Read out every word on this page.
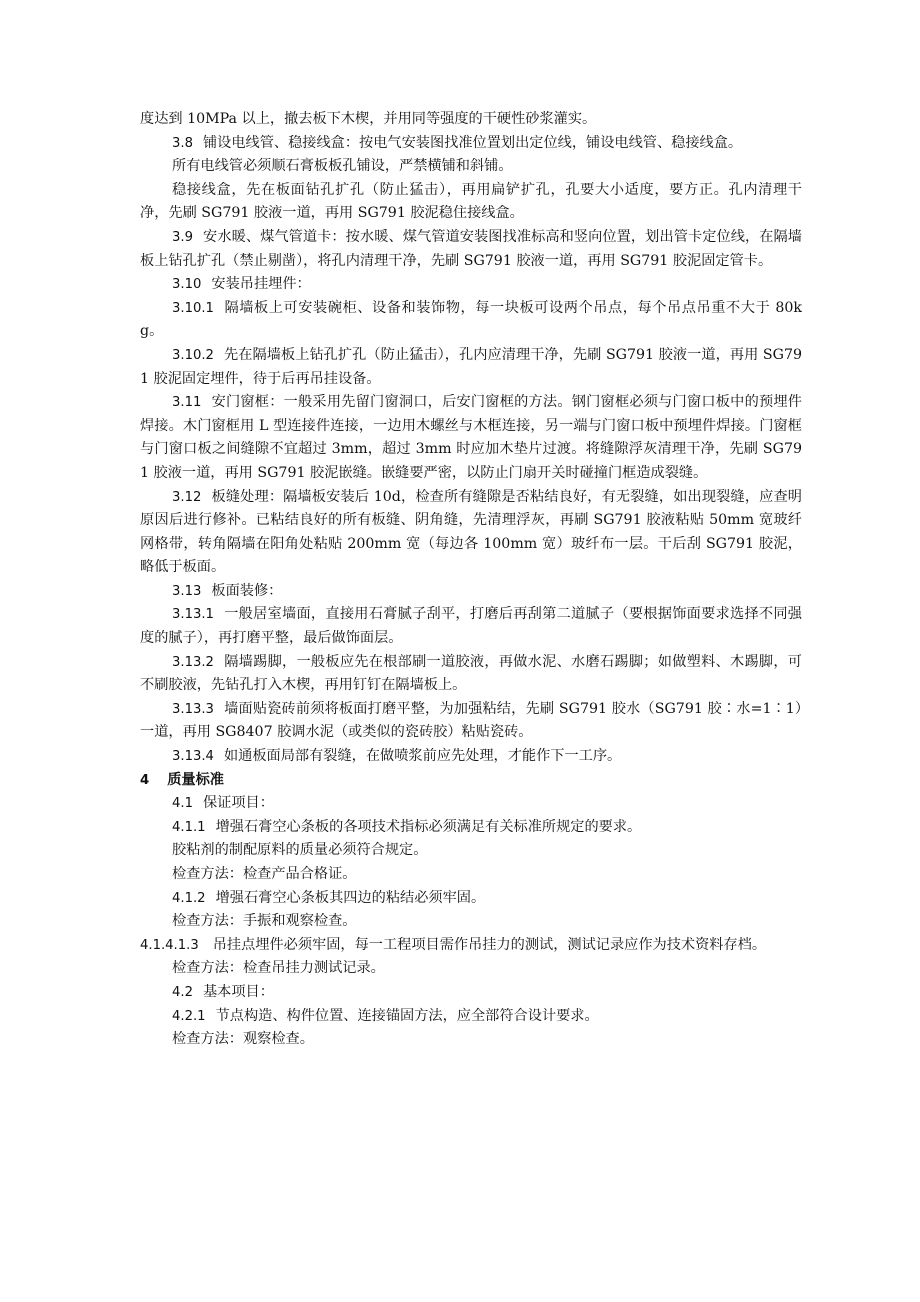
度达到 10MPa 以上，撤去板下木楔，并用同等强度的干硬性砂浆灌实。

3.8 铺设电线管、稳接线盒：按电气安装图找准位置划出定位线，铺设电线管、稳接线盒。

所有电线管必须顺石膏板板孔铺设，严禁横铺和斜铺。

稳接线盒，先在板面钻孔扩孔（防止猛击），再用扁铲扩孔，孔要大小适度，要方正。孔内清理干净，先刷 SG791 胶液一道，再用 SG791 胶泥稳住接线盒。

3.9 安水暖、煤气管道卡：按水暖、煤气管道安装图找准标高和竖向位置，划出管卡定位线，在隔墙板上钻孔扩孔（禁止剔凿），将孔内清理干净，先刷 SG791 胶液一道，再用 SG791 胶泥固定管卡。

3.10 安装吊挂埋件：

3.10.1 隔墙板上可安装碗柜、设备和装饰物，每一块板可设两个吊点，每个吊点吊重不大于 80kg。

3.10.2 先在隔墙板上钻孔扩孔（防止猛击），孔内应清理干净，先刷 SG791 胶液一道，再用 SG791 胶泥固定埋件，待于后再吊挂设备。

3.11 安门窗框：一般采用先留门窗洞口，后安门窗框的方法。钢门窗框必须与门窗口板中的预埋件焊接。木门窗框用 L 型连接件连接，一边用木螺丝与木框连接，另一端与门窗口板中预埋件焊接。门窗框与门窗口板之间缝隙不宜超过 3mm，超过 3mm 时应加木垫片过渡。将缝隙浮灰清理干净，先刷 SG791 胶液一道，再用 SG791 胶泥嵌缝。嵌缝要严密，以防止门扇开关时碰撞门框造成裂缝。

3.12 板缝处理：隔墙板安装后 10d，检查所有缝隙是否粘结良好，有无裂缝，如出现裂缝，应查明原因后进行修补。已粘结良好的所有板缝、阴角缝，先清理浮灰，再刷 SG791 胶液粘贴 50mm 宽玻纤网格带，转角隔墙在阳角处粘贴 200mm 宽（每边各 100mm 宽）玻纤布一层。干后刮 SG791 胶泥，略低于板面。

3.13 板面装修：

3.13.1 一般居室墙面，直接用石膏腻子刮平，打磨后再刮第二道腻子（要根据饰面要求选择不同强度的腻子），再打磨平整，最后做饰面层。

3.13.2 隔墙踢脚，一般板应先在根部刷一道胶液，再做水泥、水磨石踢脚；如做塑料、木踢脚，可不刷胶液，先钻孔打入木楔，再用钉钉在隔墙板上。

3.13.3 墙面贴瓷砖前须将板面打磨平整，为加强粘结，先刷 SG791 胶水（SG791 胶∶水=1∶1）一道，再用 SG8407 胶调水泥（或类似的瓷砖胶）粘贴瓷砖。

3.13.4 如通板面局部有裂缝，在做喷浆前应先处理，才能作下一工序。

4 质量标准

4.1 保证项目：

4.1.1 增强石膏空心条板的各项技术指标必须满足有关标准所规定的要求。

胶粘剂的制配原料的质量必须符合规定。

检查方法：检查产品合格证。

4.1.2 增强石膏空心条板其四边的粘结必须牢固。

检查方法：手振和观察检查。

4.1.4.1.3 吊挂点埋件必须牢固，每一工程项目需作吊挂力的测试，测试记录应作为技术资料存档。

检查方法：检查吊挂力测试记录。

4.2 基本项目：

4.2.1 节点构造、构件位置、连接锚固方法，应全部符合设计要求。

检查方法：观察检查。
